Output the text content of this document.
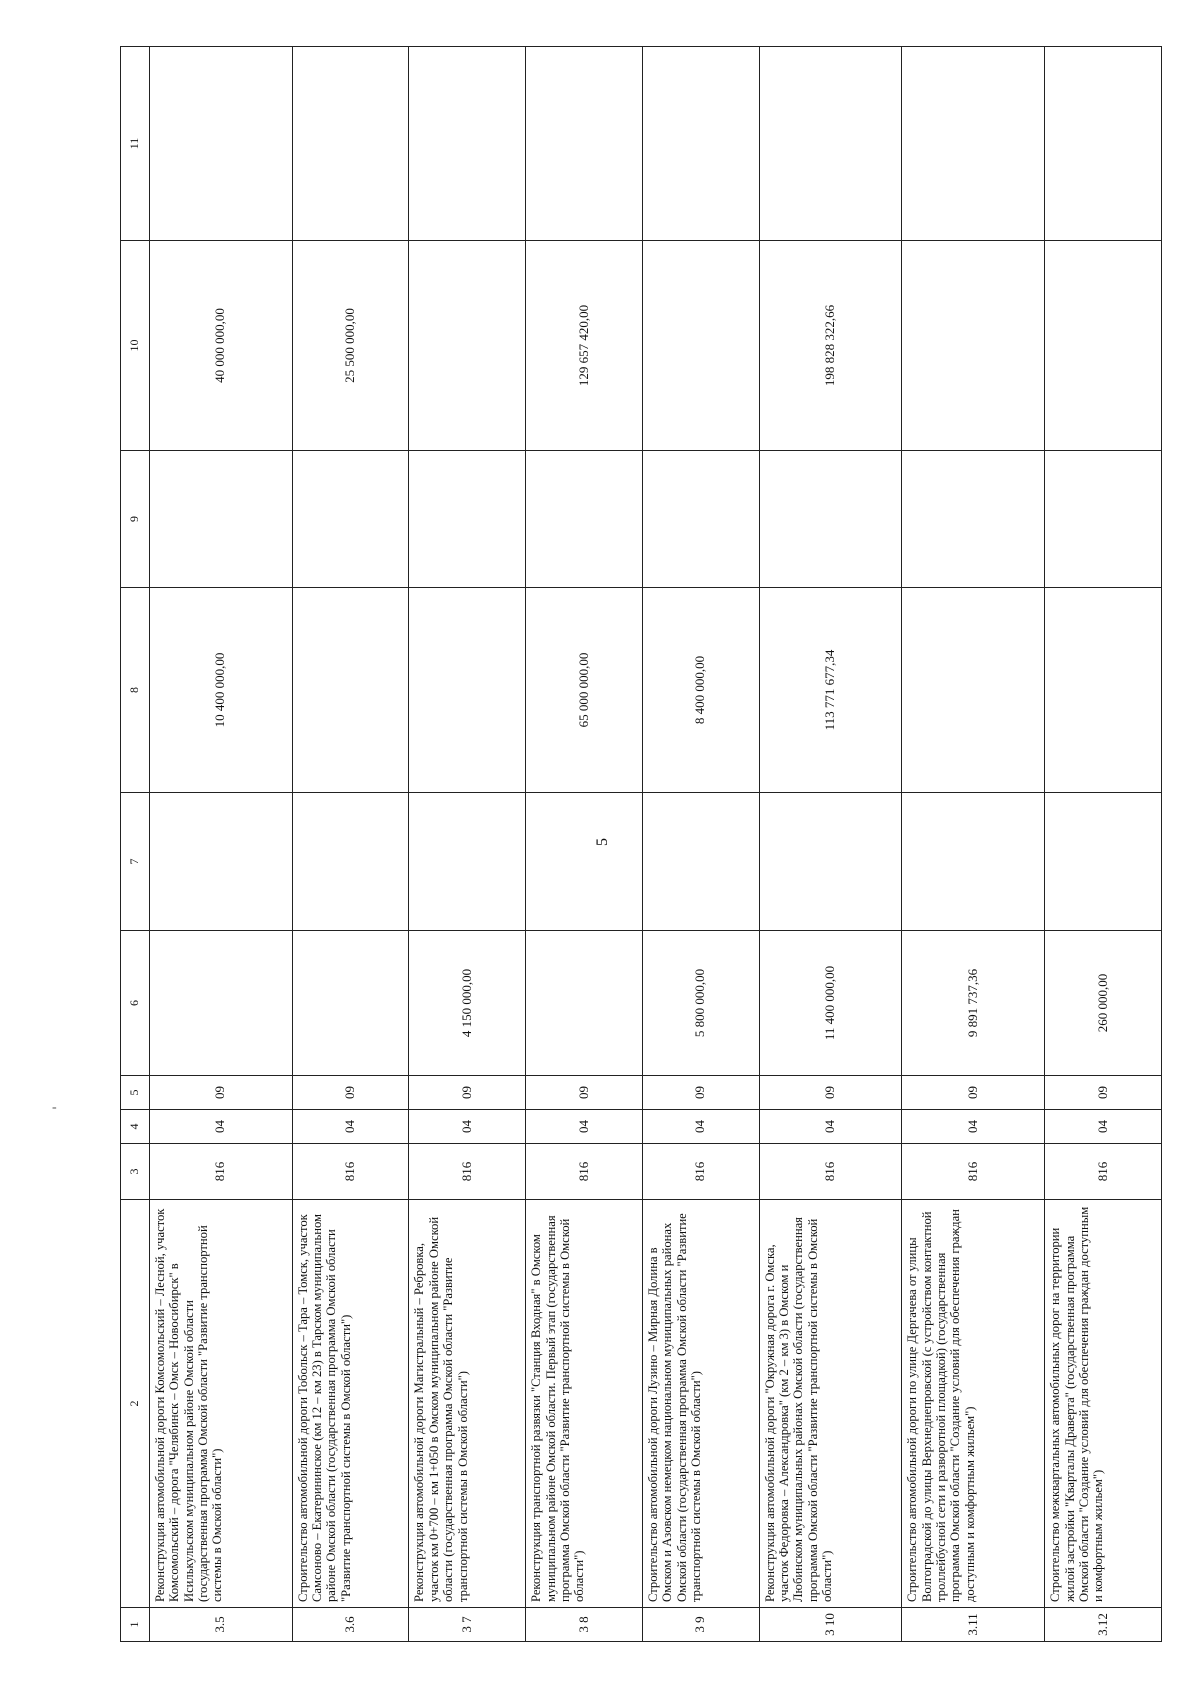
5
-
1	2	3	4	5	6	7	8	9	10	11
3.5	Реконструкция автомобильной дороги Комсомольский – Лесной, участок Комсомольский – дорога "Челябинск – Омск – Новосибирск" в Исилькульском муниципальном районе Омской области (государственная программа Омской области "Развитие транспортной системы в Омской области")	816	04	09			10 400 000,00		40 000 000,00	
3.6	Строительство автомобильной дороги Тобольск – Тара – Томск, участок Самсоново – Екатерининское (км 12 – км 23) в Тарском муниципальном районе Омской области (государственная программа Омской области "Развитие транспортной системы в Омской области")	816	04	09					25 500 000,00	
3 7	Реконструкция автомобильной дороги Магистральный – Ребровка, участок км 0+700 – км 1+050 в Омском муниципальном районе Омской области (государственная программа Омской области "Развитие транспортной системы в Омской области")	816	04	09	4 150 000,00					
3 8	Реконструкция транспортной развязки "Станция Входная" в Омском муниципальном районе Омской области. Первый этап (государственная программа Омской области "Развитие транспортной системы в Омской области")	816	04	09			65 000 000,00		129 657 420,00	
3 9	Строительство автомобильной дороги Лузино – Мирная Долина в Омском и Азовском немецком национальном муниципальных районах Омской области (государственная программа Омской области "Развитие транспортной системы в Омской области")	816	04	09	5 800 000,00		8 400 000,00			
3 10	Реконструкция автомобильной дороги "Окружная дорога г. Омска, участок Федоровка – Александровка" (км 2 – км 3) в Омском и Любинском муниципальных районах Омской области (государственная программа Омской области "Развитие транспортной системы в Омской области")	816	04	09	11 400 000,00		113 771 677,34		198 828 322,66	
3.11	Строительство автомобильной дороги по улице Дергачева от улицы Волгоградской до улицы Верхнеднепровской (с устройством контактной троллейбусной сети и разворотной площадкой) (государственная программа Омской области "Создание условий для обеспечения граждан доступным и комфортным жильем")	816	04	09	9 891 737,36					
3.12	Строительство межквартальных автомобильных дорог на территории жилой застройки "Кварталы Драверта" (государственная программа Омской области "Создание условий для обеспечения граждан доступным и комфортным жильем")	816	04	09	260 000,00					
